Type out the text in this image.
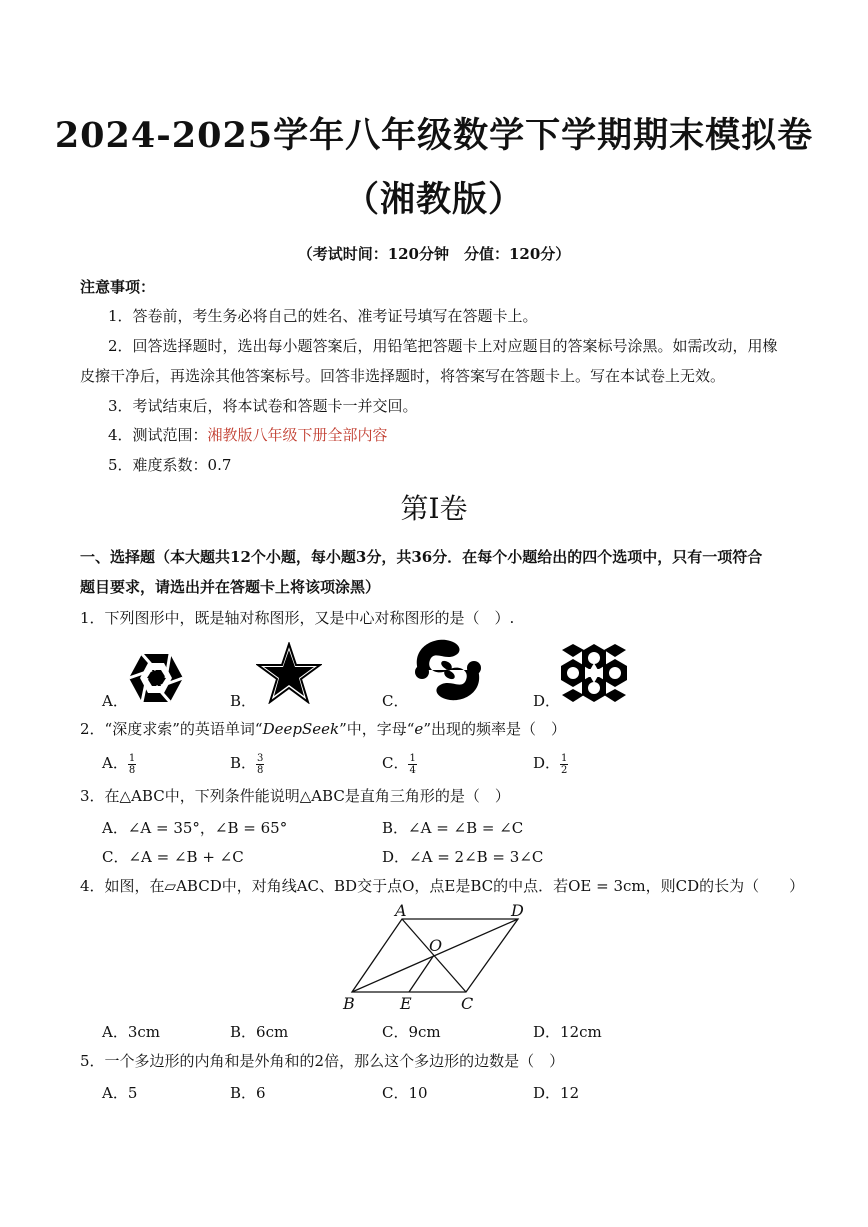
2024-2025学年八年级数学下学期期末模拟卷
（湘教版）
（考试时间：120分钟　分值：120分）
注意事项：
1．答卷前，考生务必将自己的姓名、准考证号填写在答题卡上。
2．回答选择题时，选出每小题答案后，用铅笔把答题卡上对应题目的答案标号涂黑。如需改动，用橡
皮擦干净后，再选涂其他答案标号。回答非选择题时，将答案写在答题卡上。写在本试卷上无效。
3．考试结束后，将本试卷和答题卡一并交回。
4．测试范围：湘教版八年级下册全部内容
5．难度系数：0.7
第I卷
一、选择题（本大题共12个小题，每小题3分，共36分．在每个小题给出的四个选项中，只有一项符合
题目要求，请选出并在答题卡上将该项涂黑）
1．下列图形中，既是轴对称图形，又是中心对称图形的是（　）.
A．	B．	C．	D．
2．“深度求索”的英语单词“DeepSeek”中，字母“e”出现的频率是（　）
A． $\frac{1}{8}$	B． $\frac{3}{8}$	C． $\frac{1}{4}$	D． $\frac{1}{2}$
3．在△ABC中，下列条件能说明△ABC是直角三角形的是（　）
A．∠A = 35°，∠B = 65°	B．∠A = ∠B = ∠C
C．∠A = ∠B + ∠C	D．∠A = 2∠B = 3∠C
4．如图，在▱ABCD中，对角线AC、BD交于点O，点E是BC的中点．若OE = 3cm，则CD的长为（　　）
A	D
O
B	E	C
A．3cm	B．6cm	C．9cm	D．12cm
5．一个多边形的内角和是外角和的2倍，那么这个多边形的边数是（　）
A．5	B．6	C．10	D．12
